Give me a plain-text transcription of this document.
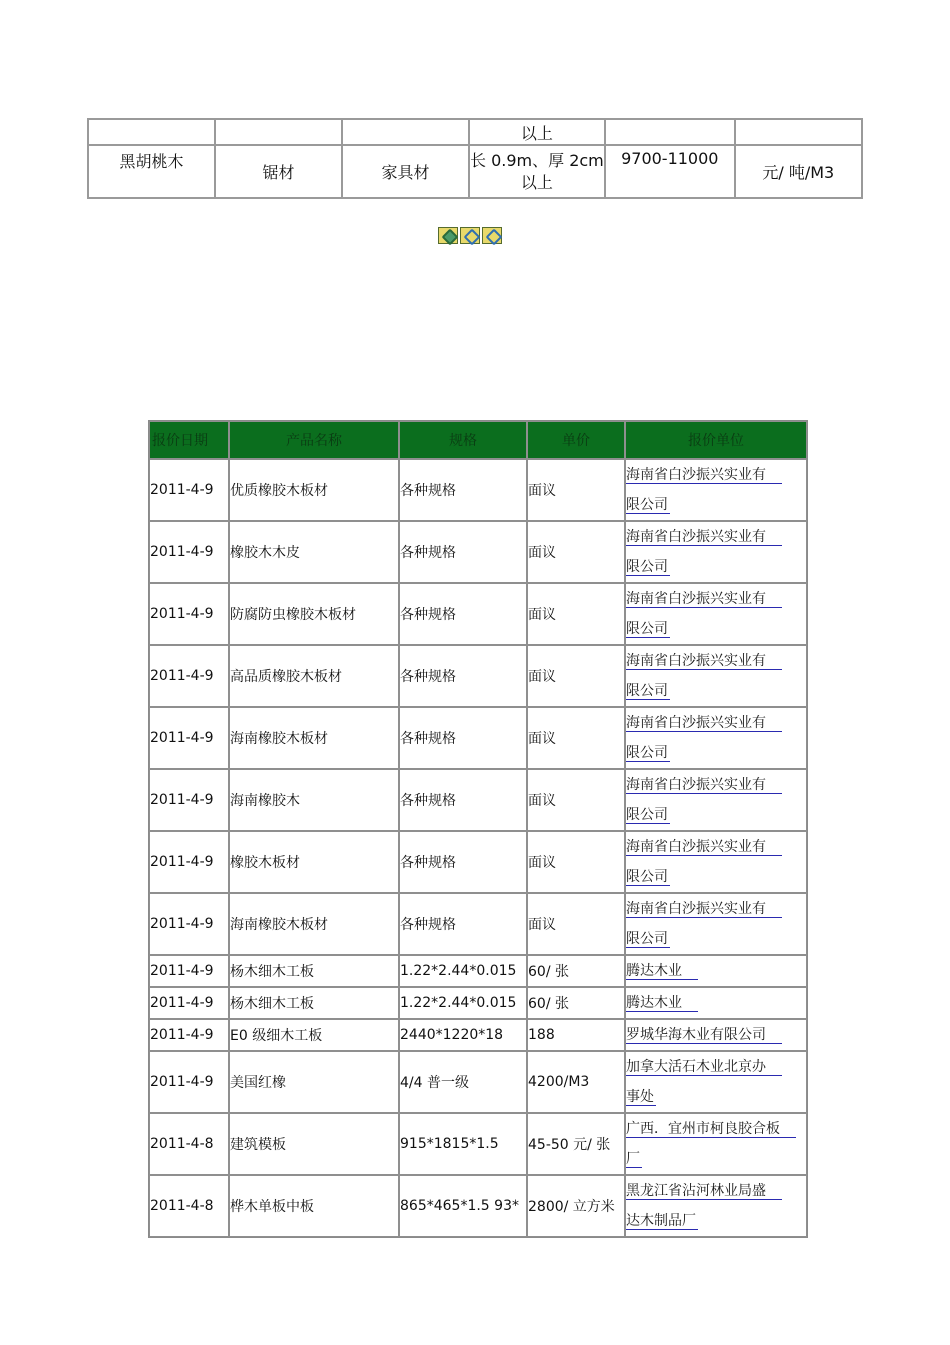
			以上		
黑胡桃木	锯材	家具材	长 0.9m、厚 2cm
以上	9700-11000	元/ 吨/M3
报价日期	产品名称	规格	单价	报价单位
2011-4-9	优质橡胶木板材	各种规格	面议	海南省白沙振兴实业有
限公司

2011-4-9	橡胶木木皮	各种规格	面议	海南省白沙振兴实业有
限公司

2011-4-9	防腐防虫橡胶木板材	各种规格	面议	海南省白沙振兴实业有
限公司

2011-4-9	高品质橡胶木板材	各种规格	面议	海南省白沙振兴实业有
限公司

2011-4-9	海南橡胶木板材	各种规格	面议	海南省白沙振兴实业有
限公司

2011-4-9	海南橡胶木	各种规格	面议	海南省白沙振兴实业有
限公司

2011-4-9	橡胶木板材	各种规格	面议	海南省白沙振兴实业有
限公司

2011-4-9	海南橡胶木板材	各种规格	面议	海南省白沙振兴实业有
限公司

2011-4-9	杨木细木工板	1.22*2.44*0.015	60/ 张	腾达木业

2011-4-9	杨木细木工板	1.22*2.44*0.015	60/ 张	腾达木业

2011-4-9	E0 级细木工板	2440*1220*18	188	罗城华海木业有限公司

2011-4-9	美国红橡	4/4 普一级	4200/M3	加拿大活石木业北京办
事处

2011-4-8	建筑模板	915*1815*1.5	45-50 元/ 张	广西．宜州市柯良胶合板
厂

2011-4-8	桦木单板中板	865*465*1.5 93*	2800/ 立方米	黑龙江省沾河林业局盛
达木制品厂
